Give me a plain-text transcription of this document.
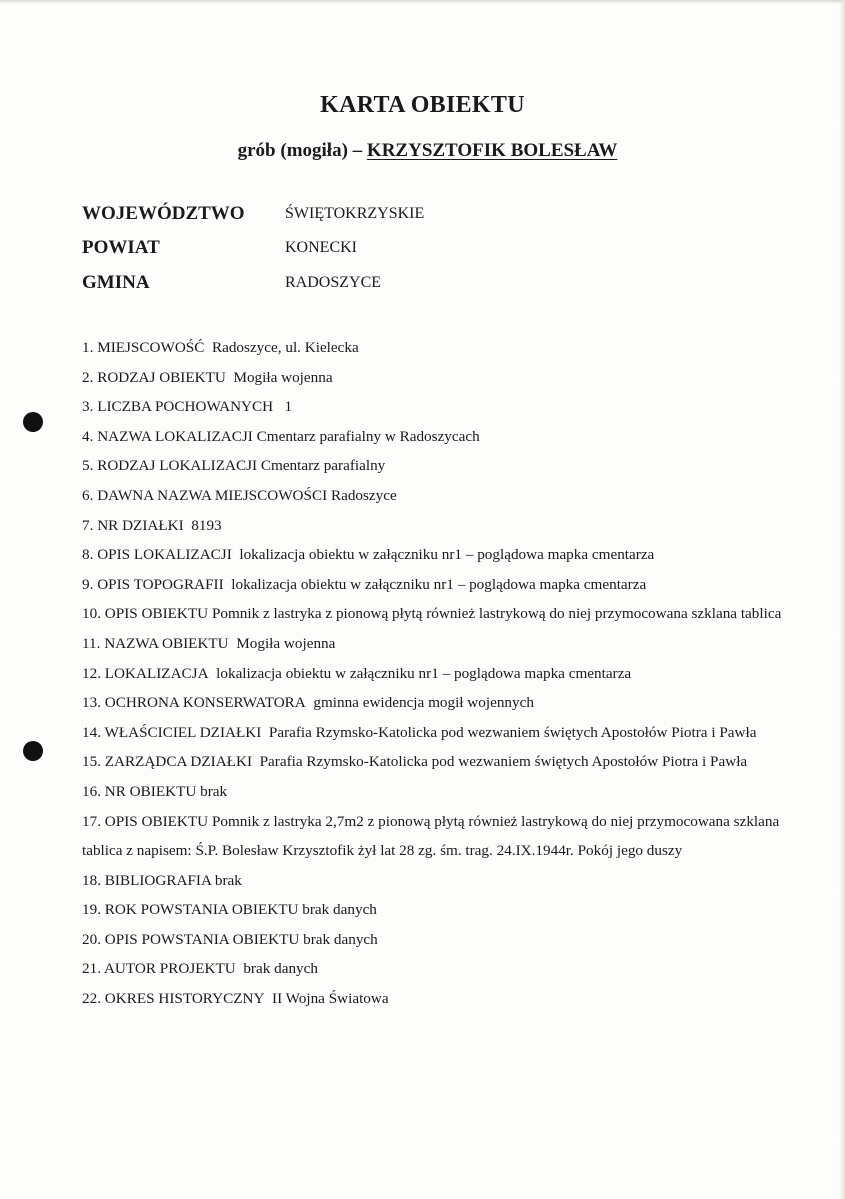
KARTA OBIEKTU
grób (mogiła) – KRZYSZTOFIK BOLESŁAW
WOJEWÓDZTWO	ŚWIĘTOKRZYSKIE
POWIAT	KONECKI
GMINA	RADOSZYCE

1. MIEJSCOWOŚĆ Radoszyce, ul. Kielecka

2. RODZAJ OBIEKTU Mogiła wojenna

3. LICZBA POCHOWANYCH 1

4. NAZWA LOKALIZACJI Cmentarz parafialny w Radoszycach

5. RODZAJ LOKALIZACJI Cmentarz parafialny

6. DAWNA NAZWA MIEJSCOWOŚCI Radoszyce

7. NR DZIAŁKI 8193

8. OPIS LOKALIZACJI lokalizacja obiektu w załączniku nr1 – poglądowa mapka cmentarza

9. OPIS TOPOGRAFII lokalizacja obiektu w załączniku nr1 – poglądowa mapka cmentarza

10. OPIS OBIEKTU Pomnik z lastryka z pionową płytą również lastrykową do niej przymocowana szklana tablica

11. NAZWA OBIEKTU Mogiła wojenna

12. LOKALIZACJA lokalizacja obiektu w załączniku nr1 – poglądowa mapka cmentarza

13. OCHRONA KONSERWATORA gminna ewidencja mogił wojennych

14. WŁAŚCICIEL DZIAŁKI Parafia Rzymsko-Katolicka pod wezwaniem świętych Apostołów Piotra i Pawła

15. ZARZĄDCA DZIAŁKI Parafia Rzymsko-Katolicka pod wezwaniem świętych Apostołów Piotra i Pawła

16. NR OBIEKTU brak

17. OPIS OBIEKTU Pomnik z lastryka 2,7m2 z pionową płytą również lastrykową do niej przymocowana szklana tablica z napisem: Ś.P. Bolesław Krzysztofik żył lat 28 zg. śm. trag. 24.IX.1944r. Pokój jego duszy

18. BIBLIOGRAFIA brak

19. ROK POWSTANIA OBIEKTU brak danych

20. OPIS POWSTANIA OBIEKTU brak danych

21. AUTOR PROJEKTU brak danych

22. OKRES HISTORYCZNY II Wojna Światowa
